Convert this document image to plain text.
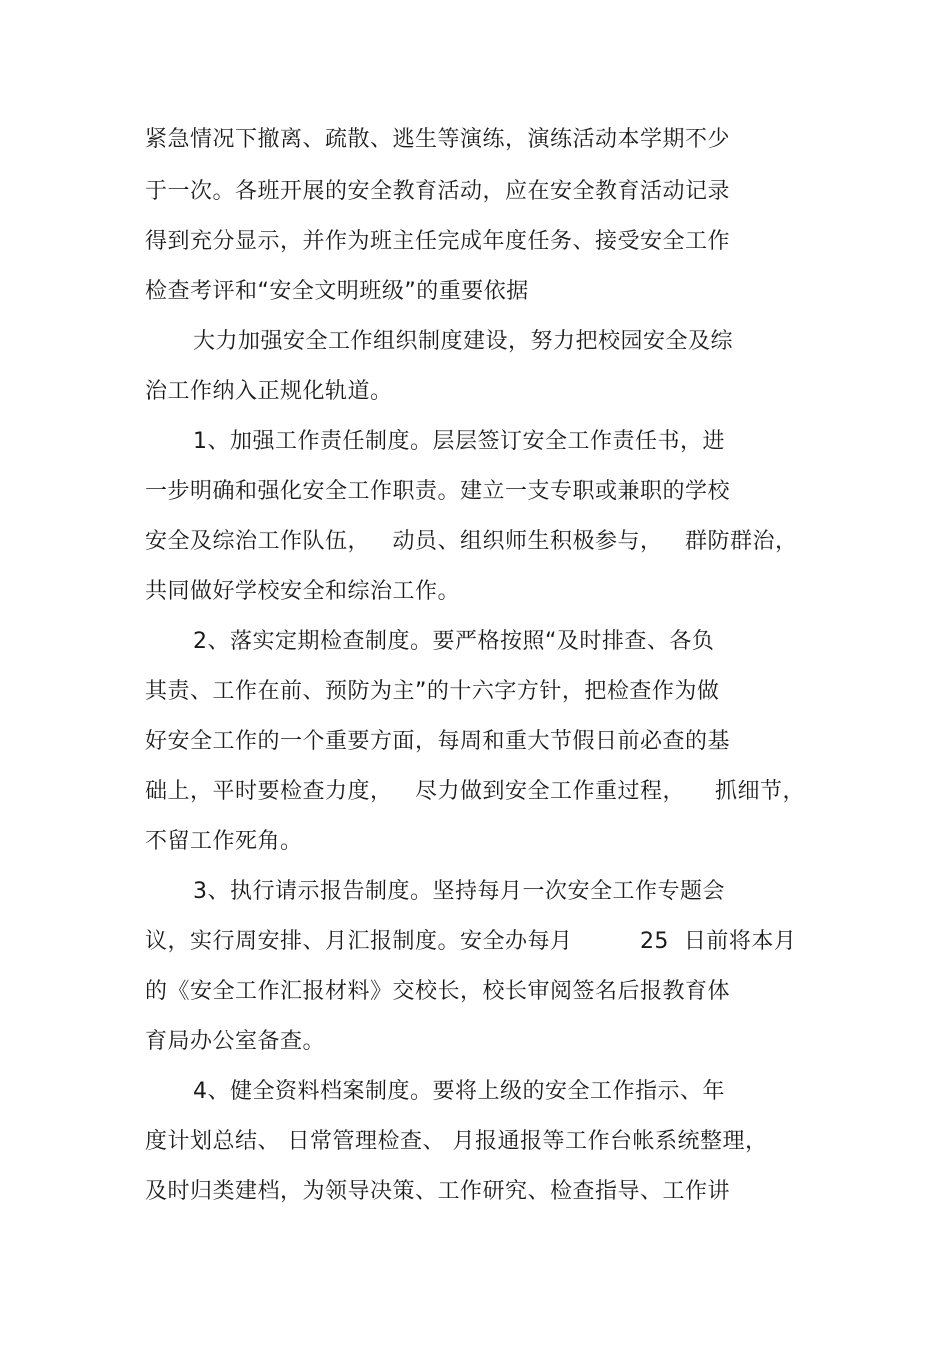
紧急情况下撤离、疏散、逃生等演练，演练活动本学期不少
于一次。各班开展的安全教育活动，应在安全教育活动记录
得到充分显示，并作为班主任完成年度任务、接受安全工作
检查考评和“安全文明班级”的重要依据
大力加强安全工作组织制度建设，努力把校园安全及综
治工作纳入正规化轨道。
1、加强工作责任制度。层层签订安全工作责任书，进
一步明确和强化安全工作职责。建立一支专职或兼职的学校
安全及综治工作队伍，   动员、组织师生积极参与，   群防群治，
共同做好学校安全和综治工作。
2、落实定期检查制度。要严格按照“及时排查、各负
其责、工作在前、预防为主”的十六字方针，把检查作为做
好安全工作的一个重要方面，每周和重大节假日前必查的基
础上，平时要检查力度，   尽力做到安全工作重过程，    抓细节，
不留工作死角。
3、执行请示报告制度。坚持每月一次安全工作专题会
议，实行周安排、月汇报制度。安全办每月         25  日前将本月
的《安全工作汇报材料》交校长，校长审阅签名后报教育体
育局办公室备查。
4、健全资料档案制度。要将上级的安全工作指示、年
度计划总结、 日常管理检查、 月报通报等工作台帐系统整理，
及时归类建档，为领导决策、工作研究、检查指导、工作讲
